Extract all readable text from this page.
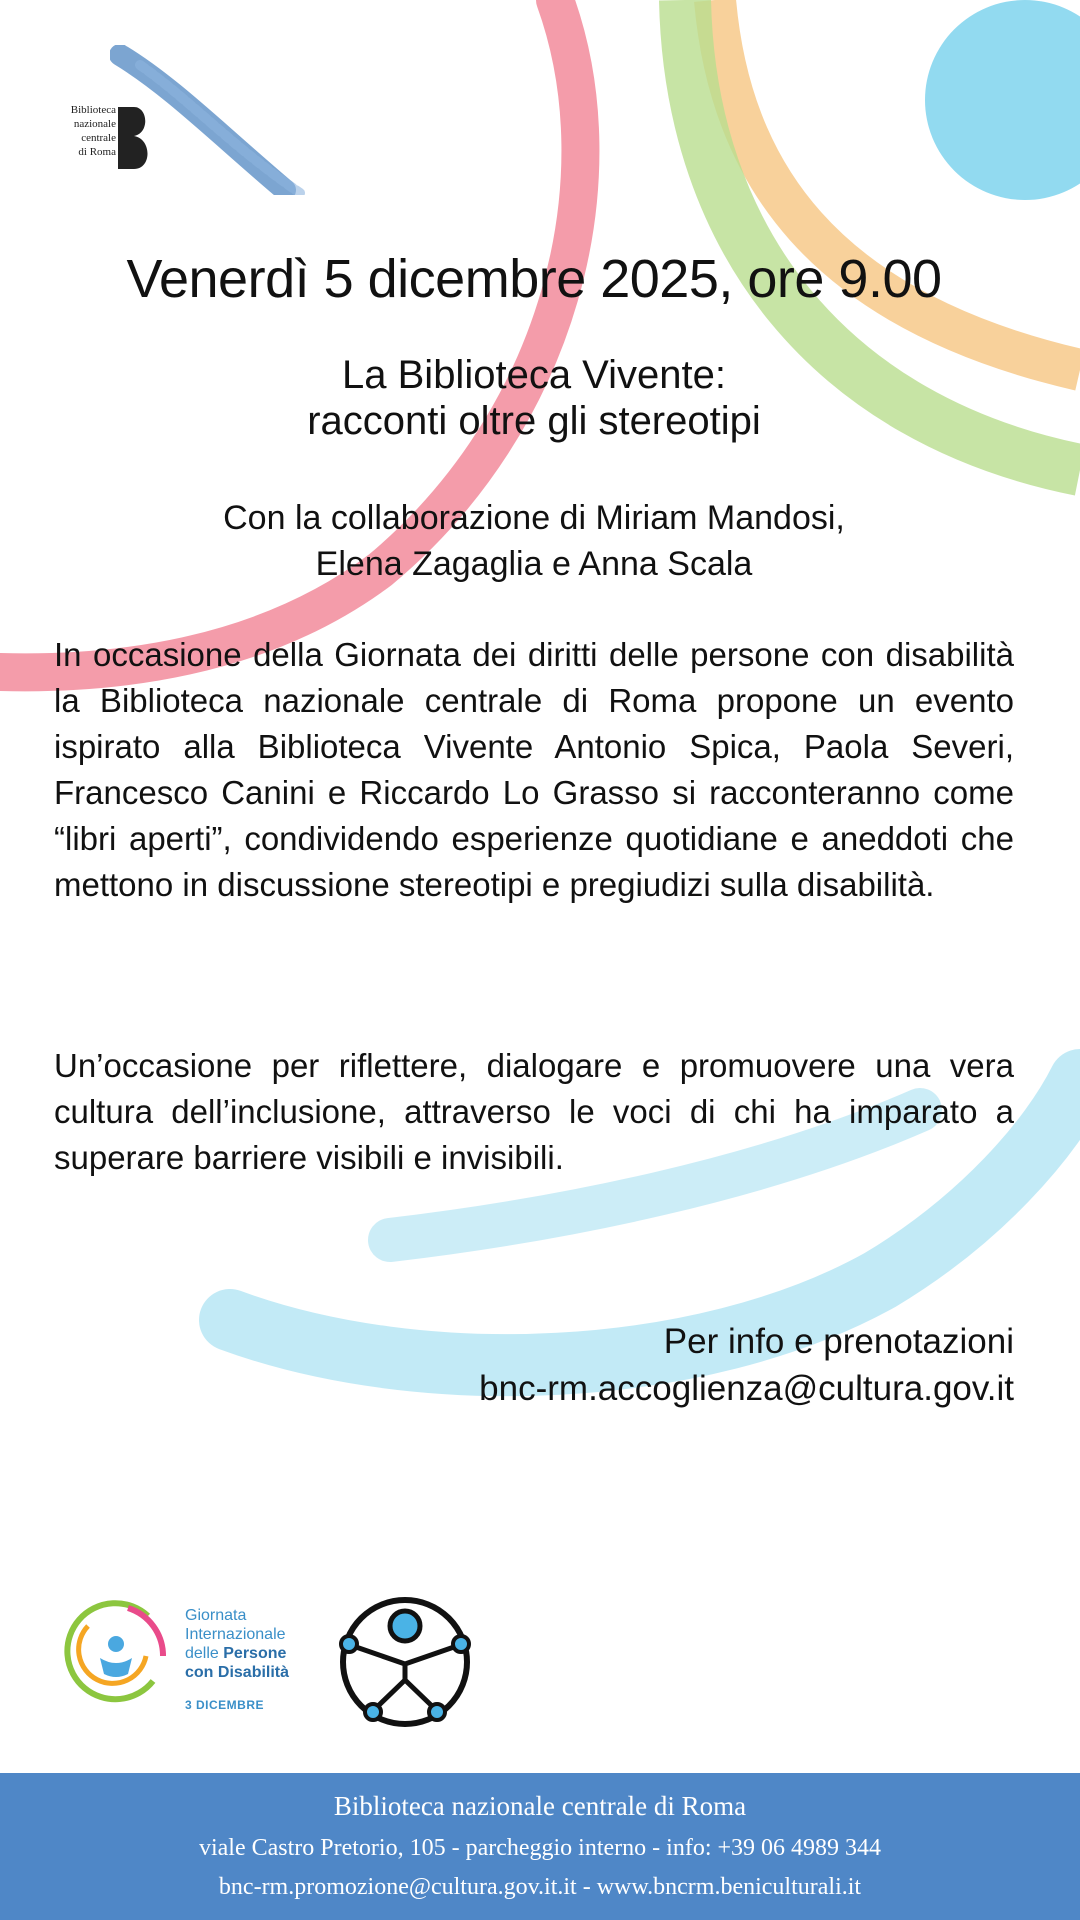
Biblioteca
nazionale
centrale
di Roma
Venerdì 5 dicembre 2025, ore 9.00
La Biblioteca Vivente:
racconti oltre gli stereotipi
Con la collaborazione di Miriam Mandosi,
Elena Zagaglia e Anna Scala
In occasione della Giornata dei diritti delle persone con disabilità la Biblioteca nazionale centrale di Roma propone un evento ispirato alla Biblioteca Vivente Antonio Spica, Paola Severi, Francesco Canini e Riccardo Lo Grasso si racconteranno come “libri aperti”, condividendo esperienze quotidiane e aneddoti che mettono in discussione stereotipi e pregiudizi sulla disabilità.
Un’occasione per riflettere, dialogare e promuovere una vera cultura dell’inclusione, attraverso le voci di chi ha imparato a superare barriere visibili e invisibili.
Per info e prenotazioni
bnc-rm.accoglienza@cultura.gov.it
Giornata
Internazionale
delle Persone
con Disabilità
3 DICEMBRE
Biblioteca nazionale centrale di Roma
viale Castro Pretorio, 105 - parcheggio interno - info: +39 06 4989 344
bnc-rm.promozione@cultura.gov.it.it - www.bncrm.beniculturali.it
